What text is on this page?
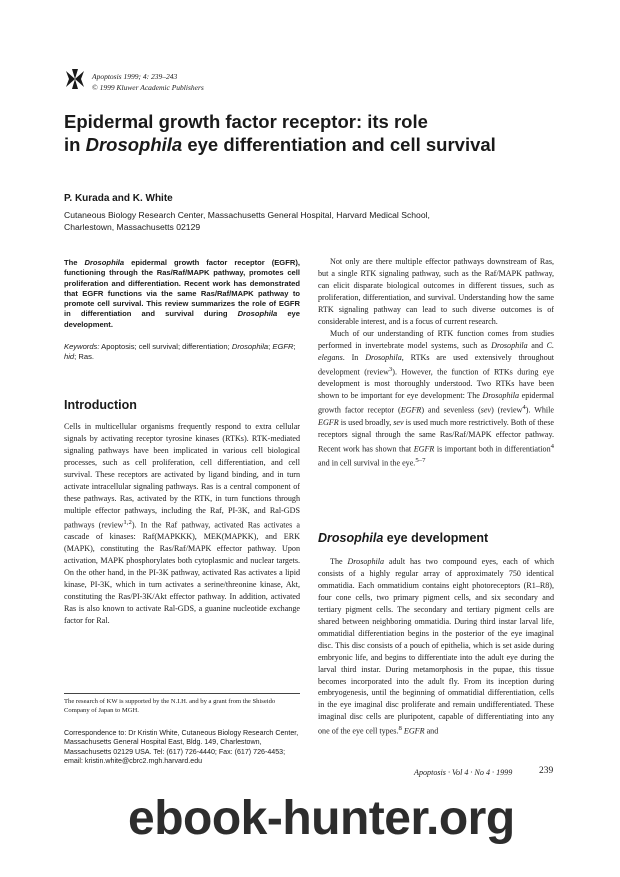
Apoptosis 1999; 4: 239–243
© 1999 Kluwer Academic Publishers
Epidermal growth factor receptor: its role
in Drosophila eye differentiation and cell survival
P. Kurada and K. White
Cutaneous Biology Research Center, Massachusetts General Hospital, Harvard Medical School,
Charlestown, Massachusetts 02129
The Drosophila epidermal growth factor receptor (EGFR), functioning through the Ras/Raf/MAPK pathway, promotes cell proliferation and differentiation. Recent work has demonstrated that EGFR functions via the same Ras/Raf/MAPK pathway to promote cell survival. This review summarizes the role of EGFR in differentiation and survival during Drosophila eye development.
Keywords: Apoptosis; cell survival; differentiation; Drosophila; EGFR; hid; Ras.
Introduction

Cells in multicellular organisms frequently respond to extra cellular signals by activating receptor tyrosine kinases (RTKs). RTK-mediated signaling pathways have been implicated in various cell biological processes, such as cell proliferation, cell differentiation, and cell survival. These receptors are activated by ligand binding, and in turn activate intracellular signaling pathways. Ras is a central component of these pathways. Ras, activated by the RTK, in turn functions through multiple effector pathways, including the Raf, PI-3K, and Ral-GDS pathways (review$^{1,2}$). In the Raf pathway, activated Ras activates a cascade of kinases: Raf(MAPKKK), MEK(MAPKK), and ERK (MAPK), constituting the Ras/Raf/MAPK effector pathway. Upon activation, MAPK phosphorylates both cytoplasmic and nuclear targets. On the other hand, in the PI-3K pathway, activated Ras activates a lipid kinase, PI-3K, which in turn activates a serine/threonine kinase, Akt, constituting the Ras/PI-3K/Akt effector pathway. In addition, activated Ras is also known to activate Ral-GDS, a guanine nucleotide exchange factor for Ral.

The research of KW is supported by the N.I.H. and by a grant from the Shiseido Company of Japan to MGH.
Correspondence to: Dr Kristin White, Cutaneous Biology Research Center, Massachusetts General Hospital East, Bldg. 149, Charlestown, Massachusetts 02129 USA. Tel: (617) 726-4440; Fax: (617) 726-4453; email: kristin.white@cbrc2.mgh.harvard.edu

Not only are there multiple effector pathways downstream of Ras, but a single RTK signaling pathway, such as the Raf/MAPK pathway, can elicit disparate biological outcomes in different tissues, such as proliferation, differentiation, and survival. Understanding how the same RTK signaling pathway can lead to such diverse outcomes is of considerable interest, and is a focus of current research.

Much of our understanding of RTK function comes from studies performed in invertebrate model systems, such as Drosophila and C. elegans. In Drosophila, RTKs are used extensively throughout development (review$^3$). However, the function of RTKs during eye development is most thoroughly understood. Two RTKs have been shown to be important for eye development: The Drosophila epidermal growth factor receptor (EGFR) and sevenless (sev) (review$^4$). While EGFR is used broadly, sev is used much more restrictively. Both of these receptors signal through the same Ras/Raf/MAPK effector pathway. Recent work has shown that EGFR is important both in differentiation$^4$ and in cell survival in the eye.$^{5-7}$

Drosophila eye development

The Drosophila adult has two compound eyes, each of which consists of a highly regular array of approximately 750 identical ommatidia. Each ommatidium contains eight photoreceptors (R1–R8), four cone cells, two primary pigment cells, and six secondary and tertiary pigment cells. The secondary and tertiary pigment cells are shared between neighboring ommatidia. During third instar larval life, ommatidial differentiation begins in the posterior of the eye imaginal disc. This disc consists of a pouch of epithelia, which is set aside during embryonic life, and begins to differentiate into the adult eye during the larval third instar. During metamorphosis in the pupae, this tissue becomes incorporated into the adult fly. From its inception during embryogenesis, until the beginning of ommatidial differentiation, cells in the eye imaginal disc proliferate and remain undifferentiated. These imaginal disc cells are pluripotent, capable of differentiating into any one of the eye cell types.$^8$ EGFR and

Apoptosis · Vol 4 · No 4 · 1999	239
ebook-hunter.org
